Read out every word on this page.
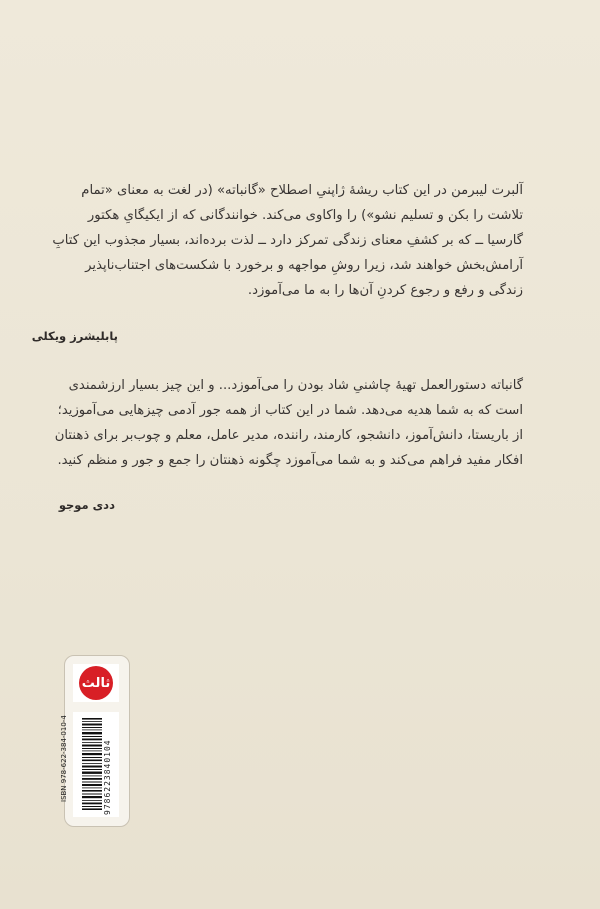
آلبرت لیبرمن در این کتاب ریشهٔ ژاپنیِ اصطلاح «گانباته» (در لغت به معنای «تمام
تلاشت را بکن و تسلیم نشو») را واکاوی می‌کند. خوانندگانی که از ایکیگایِ هکتور
گارسیا ــ که بر کشفِ معنای زندگی تمرکز دارد ــ لذت برده‌اند، بسیار مجذوب این کتابِ
آرامش‌بخش خواهند شد، زیرا روشِ مواجهه و برخورد با شکست‌های اجتناب‌ناپذیر
زندگی و رفع و رجوع کردنِ آن‌ها را به ما می‌آموزد.
پابلیشرز ویکلی
گانباته دستورالعمل تهیهٔ چاشنیِ شاد بودن را می‌آموزد... و این چیز بسیار ارزشمندی
است که به شما هدیه می‌دهد. شما در این کتاب از همه جور آدمی چیزهایی می‌آموزید؛
از باریستا، دانش‌آموز، دانشجو، کارمند، راننده، مدیر عامل، معلم و چوب‌بر برای ذهنتان
افکار مفید فراهم می‌کند و به شما می‌آموزد چگونه ذهنتان را جمع و جور و منظم کنید.
ددی موجو
ثالث
ISBN 978-622-384-010-4	9786223840104
